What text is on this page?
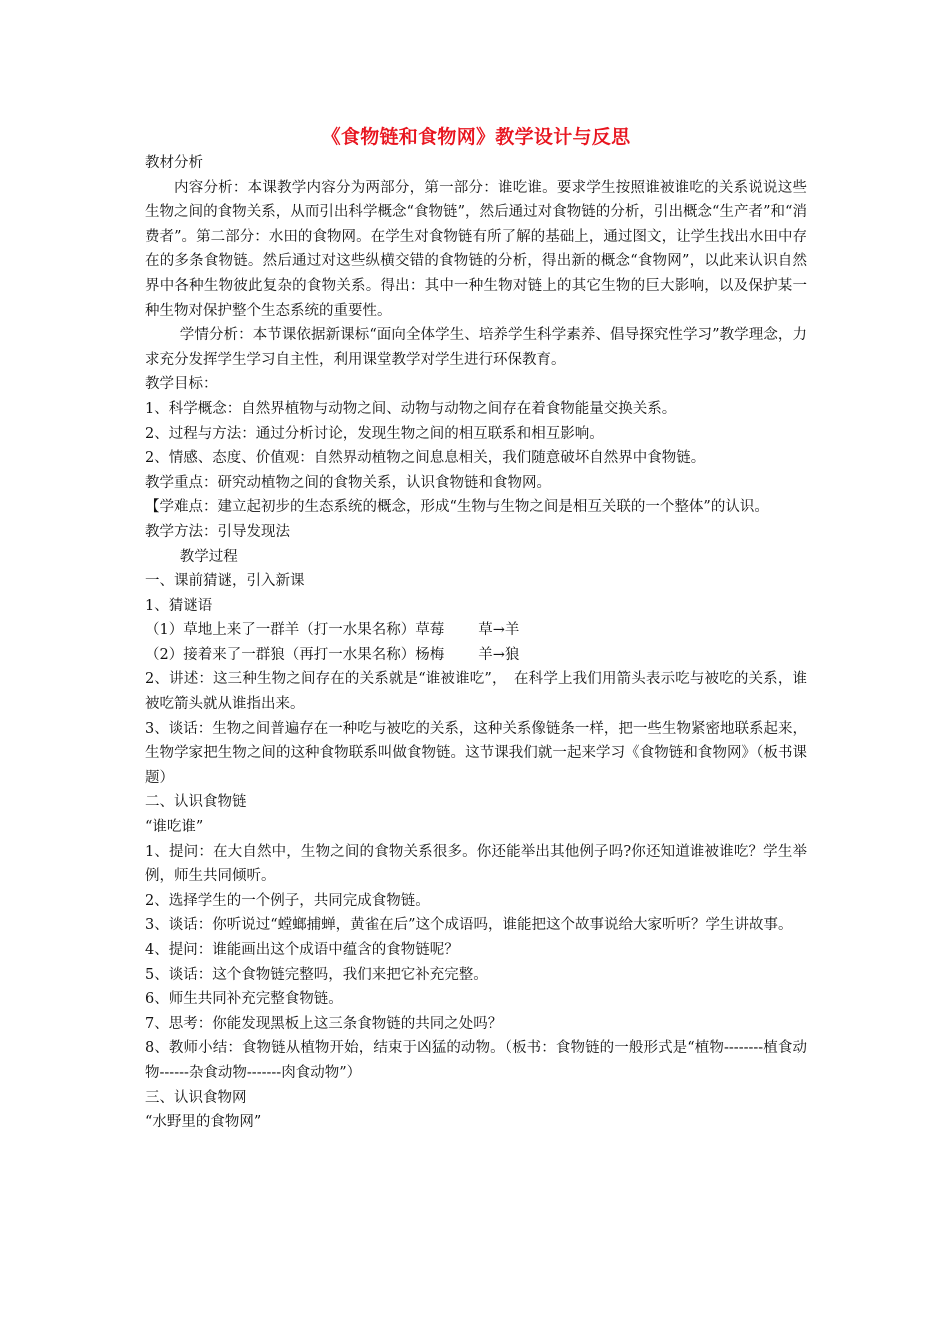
《食物链和食物网》教学设计与反思

教材分析

内容分析：本课教学内容分为两部分，第一部分：谁吃谁。要求学生按照谁被谁吃的关系说说这些生物之间的食物关系，从而引出科学概念“食物链”，然后通过对食物链的分析，引出概念“生产者”和“消费者”。第二部分：水田的食物网。在学生对食物链有所了解的基础上，通过图文，让学生找出水田中存在的多条食物链。然后通过对这些纵横交错的食物链的分析，得出新的概念“食物网”，以此来认识自然界中各种生物彼此复杂的食物关系。得出：其中一种生物对链上的其它生物的巨大影响，以及保护某一种生物对保护整个生态系统的重要性。

学情分析：本节课依据新课标“面向全体学生、培养学生科学素养、倡导探究性学习”教学理念，力求充分发挥学生学习自主性，利用课堂教学对学生进行环保教育。

教学目标：

1、科学概念：自然界植物与动物之间、动物与动物之间存在着食物能量交换关系。

2、过程与方法：通过分析讨论，发现生物之间的相互联系和相互影响。

2、情感、态度、价值观：自然界动植物之间息息相关，我们随意破坏自然界中食物链。

教学重点：研究动植物之间的食物关系，认识食物链和食物网。

【学难点：建立起初步的生态系统的概念，形成“生物与生物之间是相互关联的一个整体”的认识。

教学方法：引导发现法

教学过程

一、课前猜谜，引入新课

1、猜谜语

（1）草地上来了一群羊（打一水果名称）草莓 草→羊

（2）接着来了一群狼（再打一水果名称）杨梅 羊→狼

2、讲述：这三种生物之间存在的关系就是“谁被谁吃”，　在科学上我们用箭头表示吃与被吃的关系，谁被吃箭头就从谁指出来。

3、谈话：生物之间普遍存在一种吃与被吃的关系，这种关系像链条一样，把一些生物紧密地联系起来，生物学家把生物之间的这种食物联系叫做食物链。这节课我们就一起来学习《食物链和食物网》（板书课题）

二、认识食物链

“谁吃谁”

1、提问：在大自然中，生物之间的食物关系很多。你还能举出其他例子吗?你还知道谁被谁吃？学生举例，师生共同倾听。

2、选择学生的一个例子，共同完成食物链。

3、谈话：你听说过“螳螂捕蝉，黄雀在后”这个成语吗，谁能把这个故事说给大家听听？学生讲故事。

4、提问：谁能画出这个成语中蕴含的食物链呢？

5、谈话：这个食物链完整吗，我们来把它补充完整。

6、师生共同补充完整食物链。

7、思考：你能发现黑板上这三条食物链的共同之处吗？

8、教师小结：食物链从植物开始，结束于凶猛的动物。（板书：食物链的一般形式是“植物--------植食动物------杂食动物-------肉食动物”）

三、认识食物网

“水野里的食物网”
